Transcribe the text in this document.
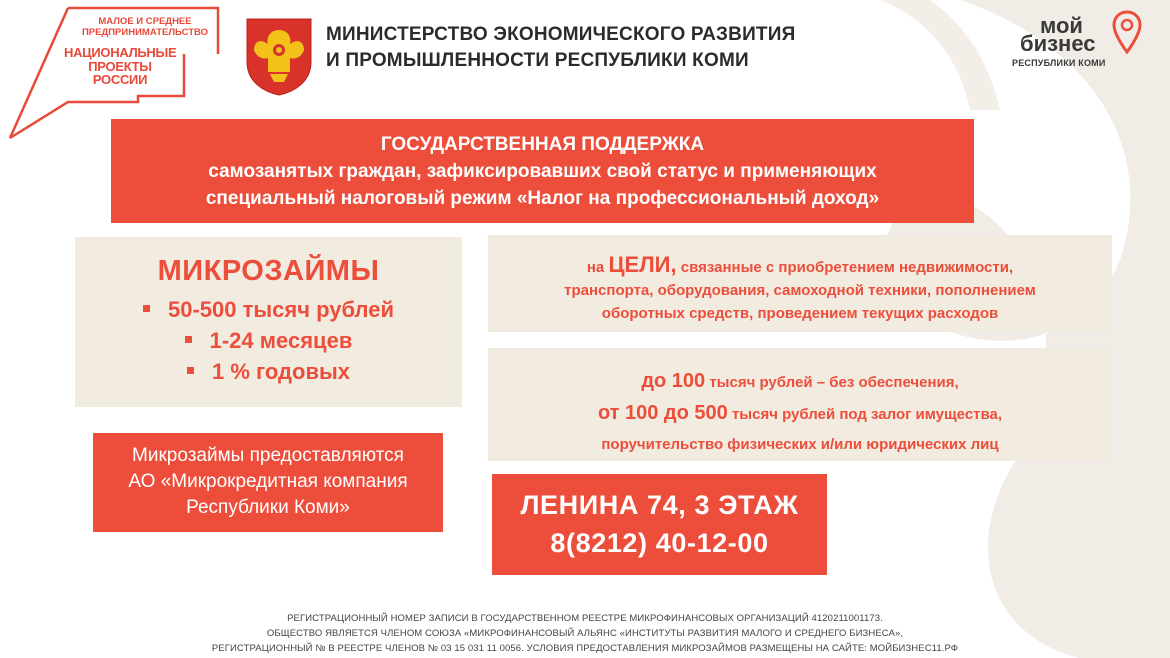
МАЛОЕ И СРЕДНЕЕ
ПРЕДПРИНИМАТЕЛЬСТВО
НАЦИОНАЛЬНЫЕ
ПРОЕКТЫ
РОССИИ
МИНИСТЕРСТВО ЭКОНОМИЧЕСКОГО РАЗВИТИЯ
И ПРОМЫШЛЕННОСТИ РЕСПУБЛИКИ КОМИ
мой
бизнес
РЕСПУБЛИКИ КОМИ
ГОСУДАРСТВЕННАЯ ПОДДЕРЖКА
самозанятых граждан, зафиксировавших свой статус и применяющих
специальный налоговый режим «Налог на профессиональный доход»
МИКРОЗАЙМЫ
50-500 тысяч рублей
1-24 месяцев
1 % годовых

на ЦЕЛИ, связанные с приобретением недвижимости,

транспорта, оборудования, самоходной техники, пополнением

оборотных средств, проведением текущих расходов

до 100 тысяч рублей – без обеспечения,

от 100 до 500 тысяч рублей под залог имущества,

поручительство физических и/или юридических лиц

Микрозаймы предоставляются
АО «Микрокредитная компания
Республики Коми»	ЛЕНИНА 74, 3 ЭТАЖ
8(8212) 40-12-00
РЕГИСТРАЦИОННЫЙ НОМЕР ЗАПИСИ В ГОСУДАРСТВЕННОМ РЕЕСТРЕ МИКРОФИНАНСОВЫХ ОРГАНИЗАЦИЙ 4120211001173.
ОБЩЕСТВО ЯВЛЯЕТСЯ ЧЛЕНОМ СОЮЗА «МИКРОФИНАНСОВЫЙ АЛЬЯНС «ИНСТИТУТЫ РАЗВИТИЯ МАЛОГО И СРЕДНЕГО БИЗНЕСА»,
РЕГИСТРАЦИОННЫЙ № В РЕЕСТРЕ ЧЛЕНОВ № 03 15 031 11 0056. УСЛОВИЯ ПРЕДОСТАВЛЕНИЯ МИКРОЗАЙМОВ РАЗМЕЩЕНЫ НА САЙТЕ: МОЙБИЗНЕС11.РФ
